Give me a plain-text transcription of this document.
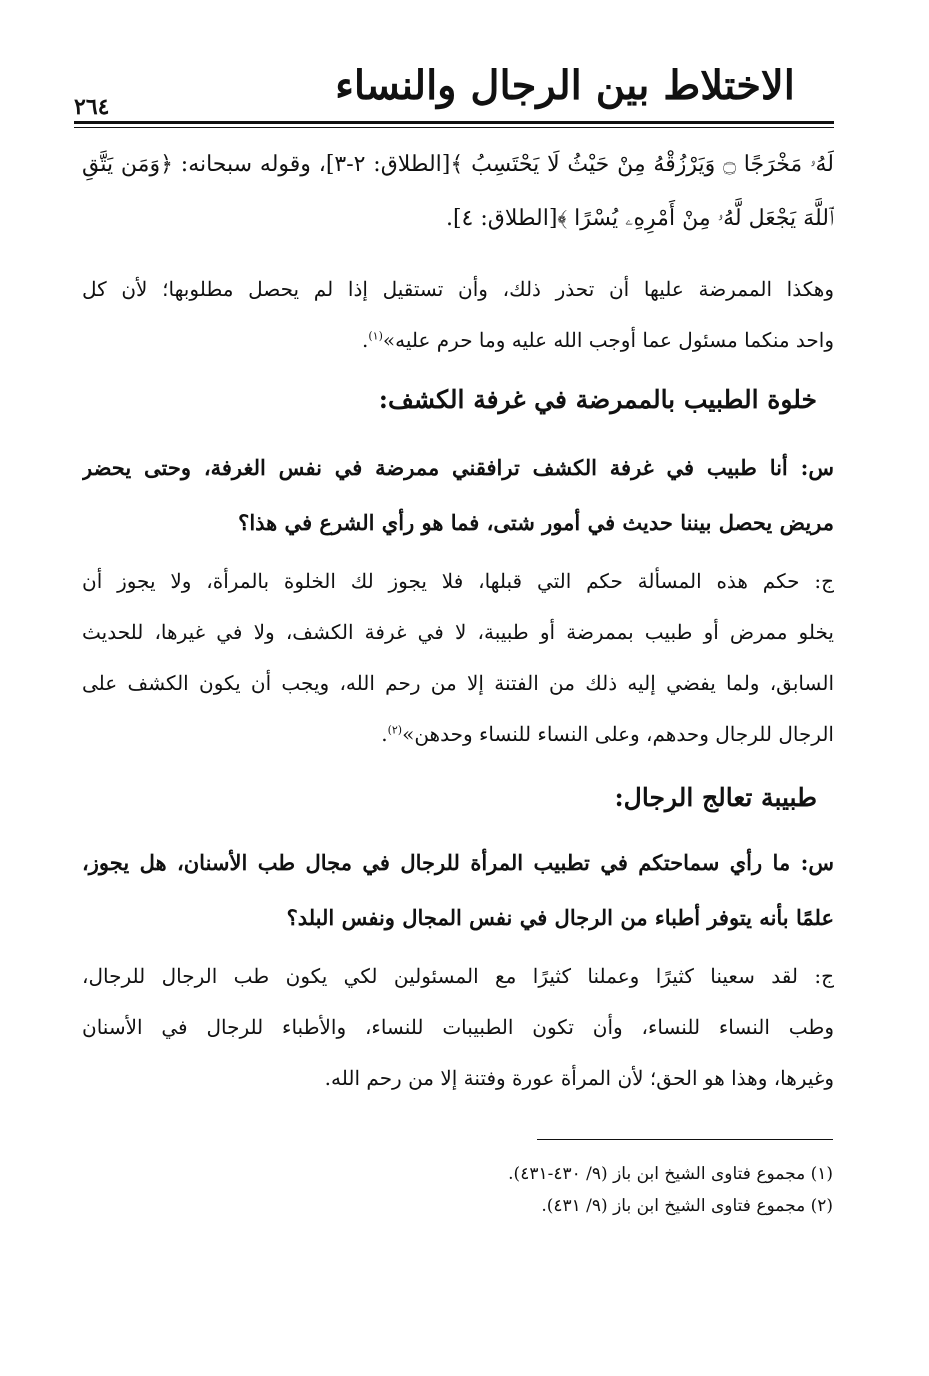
الاختلاط بين الرجال والنساء
٢٦٤
لَهُۥ مَخْرَجًا ۝ وَيَرْزُقْهُ مِنْ حَيْثُ لَا يَحْتَسِبُ ﴾[الطلاق: ٢-٣]، وقوله سبحانه: ﴿وَمَن يَتَّقِ
ٱللَّهَ يَجْعَل لَّهُۥ مِنْ أَمْرِهِۦ يُسْرًا ﴾[الطلاق: ٤].
وهكذا الممرضة عليها أن تحذر ذلك، وأن تستقيل إذا لم يحصل مطلوبها؛ لأن كل
واحد منكما مسئول عما أوجب الله عليه وما حرم عليه»$^{(١)}$.
خلوة الطبيب بالممرضة في غرفة الكشف:
س: أنا طبيب في غرفة الكشف ترافقني ممرضة في نفس الغرفة، وحتى يحضر
مريض يحصل بيننا حديث في أمور شتى، فما هو رأي الشرع في هذا؟
ج: حكم هذه المسألة حكم التي قبلها، فلا يجوز لك الخلوة بالمرأة، ولا يجوز أن
يخلو ممرض أو طبيب بممرضة أو طبيبة، لا في غرفة الكشف، ولا في غيرها، للحديث
السابق، ولما يفضي إليه ذلك من الفتنة إلا من رحم الله، ويجب أن يكون الكشف على
الرجال للرجال وحدهم، وعلى النساء للنساء وحدهن»$^{(٢)}$.
طبيبة تعالج الرجال:
س: ما رأي سماحتكم في تطبيب المرأة للرجال في مجال طب الأسنان، هل يجوز،
علمًا بأنه يتوفر أطباء من الرجال في نفس المجال ونفس البلد؟
ج: لقد سعينا كثيرًا وعملنا كثيرًا مع المسئولين لكي يكون طب الرجال للرجال،
وطب النساء للنساء، وأن تكون الطبيبات للنساء، والأطباء للرجال في الأسنان
وغيرها، وهذا هو الحق؛ لأن المرأة عورة وفتنة إلا من رحم الله.
(١) مجموع فتاوى الشيخ ابن باز (٩/ ٤٣٠-٤٣١).
(٢) مجموع فتاوى الشيخ ابن باز (٩/ ٤٣١).
